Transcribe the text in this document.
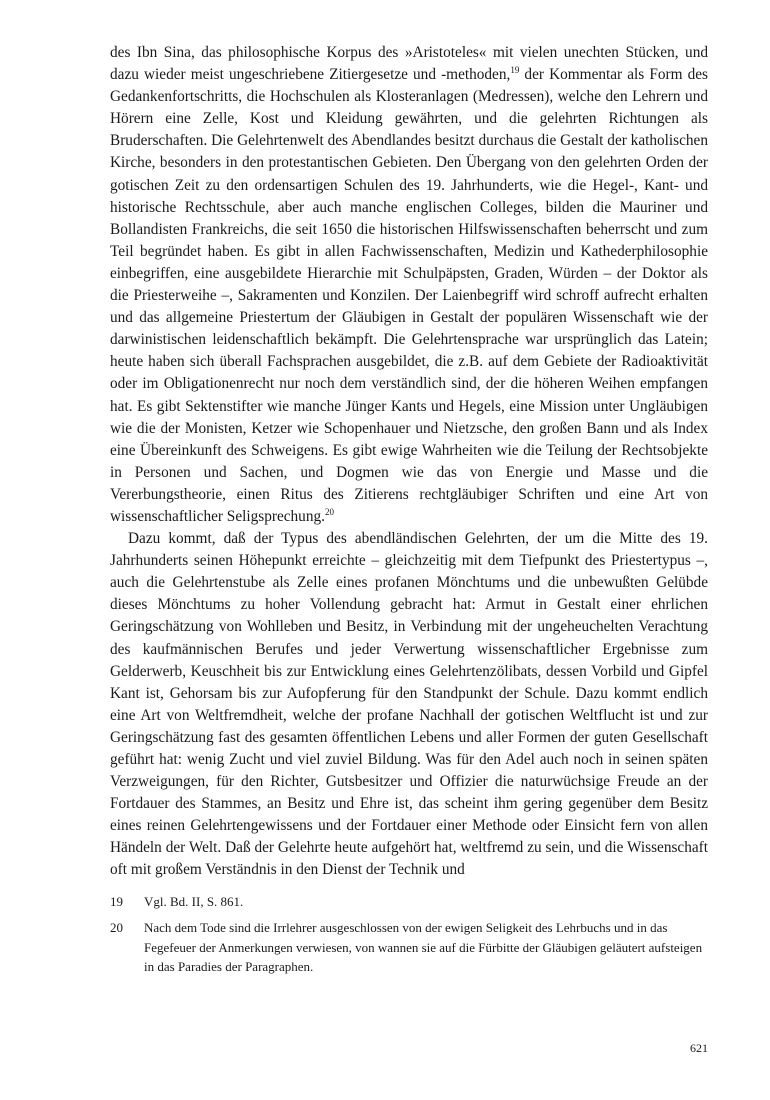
des Ibn Sina, das philosophische Korpus des »Aristoteles« mit vielen unechten Stücken, und dazu wieder meist ungeschriebene Zitiergesetze und -methoden,$^{19}$ der Kommentar als Form des Gedankenfortschritts, die Hochschulen als Klosteranlagen (Medressen), welche den Lehrern und Hörern eine Zelle, Kost und Kleidung gewährten, und die gelehrten Richtungen als Bruderschaften. Die Gelehrtenwelt des Abendlandes besitzt durchaus die Gestalt der katholischen Kirche, besonders in den protestantischen Gebieten. Den Übergang von den gelehrten Orden der gotischen Zeit zu den ordensartigen Schulen des 19. Jahrhunderts, wie die Hegel-, Kant- und historische Rechtsschule, aber auch manche englischen Colleges, bilden die Mauriner und Bollandisten Frankreichs, die seit 1650 die historischen Hilfswissenschaften beherrscht und zum Teil begründet haben. Es gibt in allen Fachwissenschaften, Medizin und Kathederphilosophie einbegriffen, eine ausgebildete Hierarchie mit Schulpäpsten, Graden, Würden – der Doktor als die Priesterweihe –, Sakramenten und Konzilen. Der Laienbegriff wird schroff aufrecht erhalten und das allgemeine Priestertum der Gläubigen in Gestalt der populären Wissenschaft wie der darwinistischen leidenschaftlich bekämpft. Die Gelehrtensprache war ursprünglich das Latein; heute haben sich überall Fachsprachen ausgebildet, die z.B. auf dem Gebiete der Radioaktivität oder im Obligationenrecht nur noch dem verständlich sind, der die höheren Weihen empfangen hat. Es gibt Sektenstifter wie manche Jünger Kants und Hegels, eine Mission unter Ungläubigen wie die der Monisten, Ketzer wie Schopenhauer und Nietzsche, den großen Bann und als Index eine Übereinkunft des Schweigens. Es gibt ewige Wahrheiten wie die Teilung der Rechtsobjekte in Personen und Sachen, und Dogmen wie das von Energie und Masse und die Vererbungstheorie, einen Ritus des Zitierens rechtgläubiger Schriften und eine Art von wissenschaftlicher Seligsprechung.$^{20}$

Dazu kommt, daß der Typus des abendländischen Gelehrten, der um die Mitte des 19. Jahrhunderts seinen Höhepunkt erreichte – gleichzeitig mit dem Tiefpunkt des Priestertypus –, auch die Gelehrtenstube als Zelle eines profanen Mönchtums und die unbewußten Gelübde dieses Mönchtums zu hoher Vollendung gebracht hat: Armut in Gestalt einer ehrlichen Geringschätzung von Wohlleben und Besitz, in Verbindung mit der ungeheuchelten Verachtung des kaufmännischen Berufes und jeder Verwertung wissenschaftlicher Ergebnisse zum Gelderwerb, Keuschheit bis zur Entwicklung eines Gelehrtenzölibats, dessen Vorbild und Gipfel Kant ist, Gehorsam bis zur Aufopferung für den Standpunkt der Schule. Dazu kommt endlich eine Art von Weltfremdheit, welche der profane Nachhall der gotischen Weltflucht ist und zur Geringschätzung fast des gesamten öffentlichen Lebens und aller Formen der guten Gesellschaft geführt hat: wenig Zucht und viel zuviel Bildung. Was für den Adel auch noch in seinen späten Verzweigungen, für den Richter, Gutsbesitzer und Offizier die naturwüchsige Freude an der Fortdauer des Stammes, an Besitz und Ehre ist, das scheint ihm gering gegenüber dem Besitz eines reinen Gelehrtengewissens und der Fortdauer einer Methode oder Einsicht fern von allen Händeln der Welt. Daß der Gelehrte heute aufgehört hat, weltfremd zu sein, und die Wissenschaft oft mit großem Verständnis in den Dienst der Technik und

19	Vgl. Bd. II, S. 861.
20	Nach dem Tode sind die Irrlehrer ausgeschlossen von der ewigen Seligkeit des Lehrbuchs und in das Fegefeuer der Anmerkungen verwiesen, von wannen sie auf die Fürbitte der Gläubigen geläutert aufsteigen in das Paradies der Paragraphen.
621
